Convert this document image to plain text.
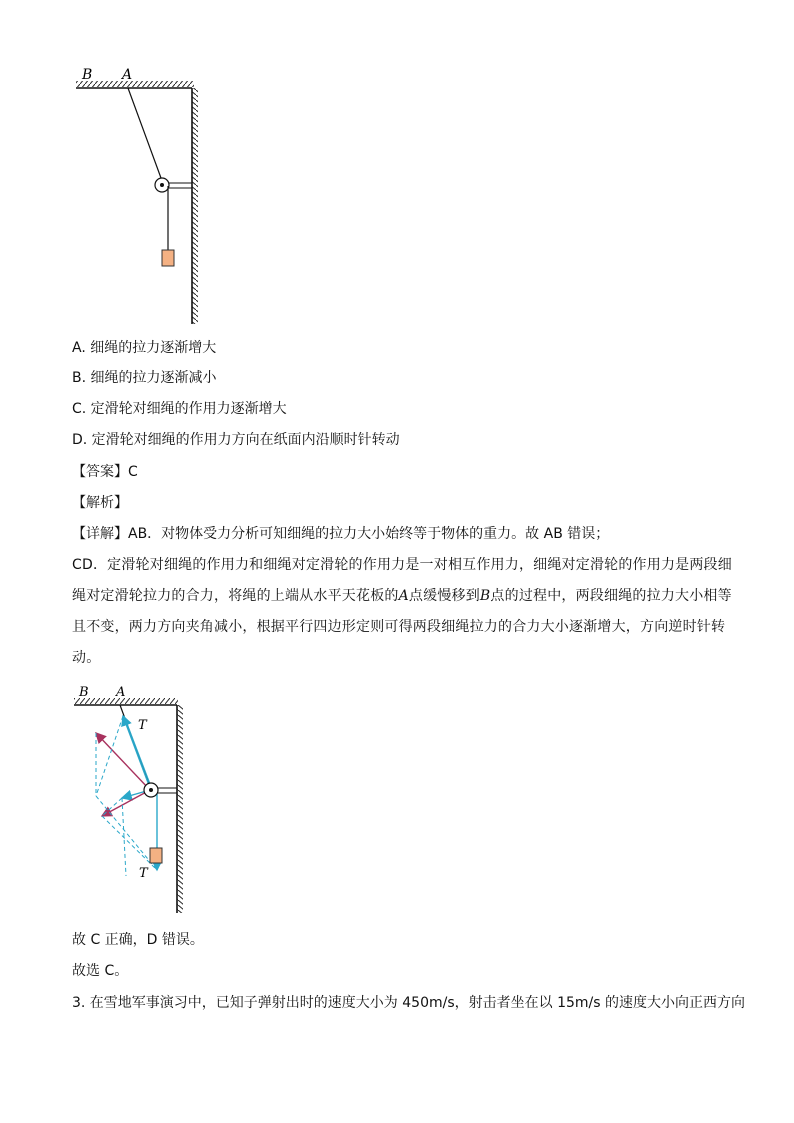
B A
A. 细绳的拉力逐渐增大
B. 细绳的拉力逐渐减小
C. 定滑轮对细绳的作用力逐渐增大
D. 定滑轮对细绳的作用力方向在纸面内沿顺时针转动
【答案】C
【解析】
【详解】AB．对物体受力分析可知细绳的拉力大小始终等于物体的重力。故 AB 错误；
CD．定滑轮对细绳的作用力和细绳对定滑轮的作用力是一对相互作用力，细绳对定滑轮的作用力是两段细绳对定滑轮拉力的合力，将绳的上端从水平天花板的A点缓慢移到B点的过程中，两段细绳的拉力大小相等且不变，两力方向夹角减小，根据平行四边形定则可得两段细绳拉力的合力大小逐渐增大，方向逆时针转动。
B A
T
T
故 C 正确，D 错误。
故选 C。
3. 在雪地军事演习中，已知子弹射出时的速度大小为 450m/s，射击者坐在以 15m/s 的速度大小向正西方向
